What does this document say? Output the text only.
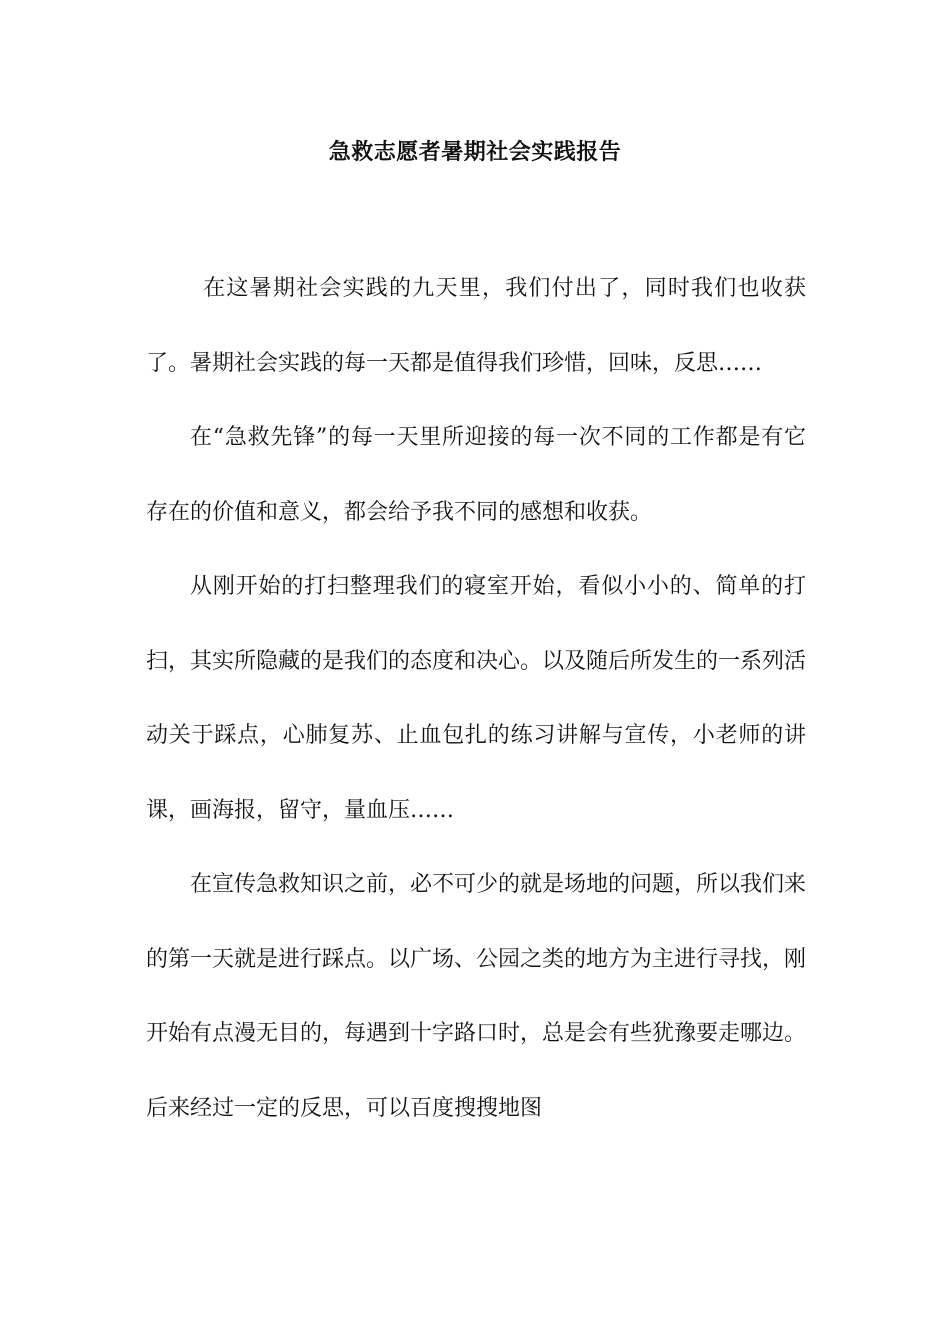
急救志愿者暑期社会实践报告

在这暑期社会实践的九天里，我们付出了，同时我们也收获了。暑期社会实践的每一天都是值得我们珍惜，回味，反思……

在“急救先锋”的每一天里所迎接的每一次不同的工作都是有它存在的价值和意义，都会给予我不同的感想和收获。

从刚开始的打扫整理我们的寝室开始，看似小小的、简单的打扫，其实所隐藏的是我们的态度和决心。以及随后所发生的一系列活动关于踩点，心肺复苏、止血包扎的练习讲解与宣传，小老师的讲课，画海报，留守，量血压……

在宣传急救知识之前，必不可少的就是场地的问题，所以我们来的第一天就是进行踩点。以广场、公园之类的地方为主进行寻找，刚开始有点漫无目的，每遇到十字路口时，总是会有些犹豫要走哪边。后来经过一定的反思，可以百度搜搜地图
